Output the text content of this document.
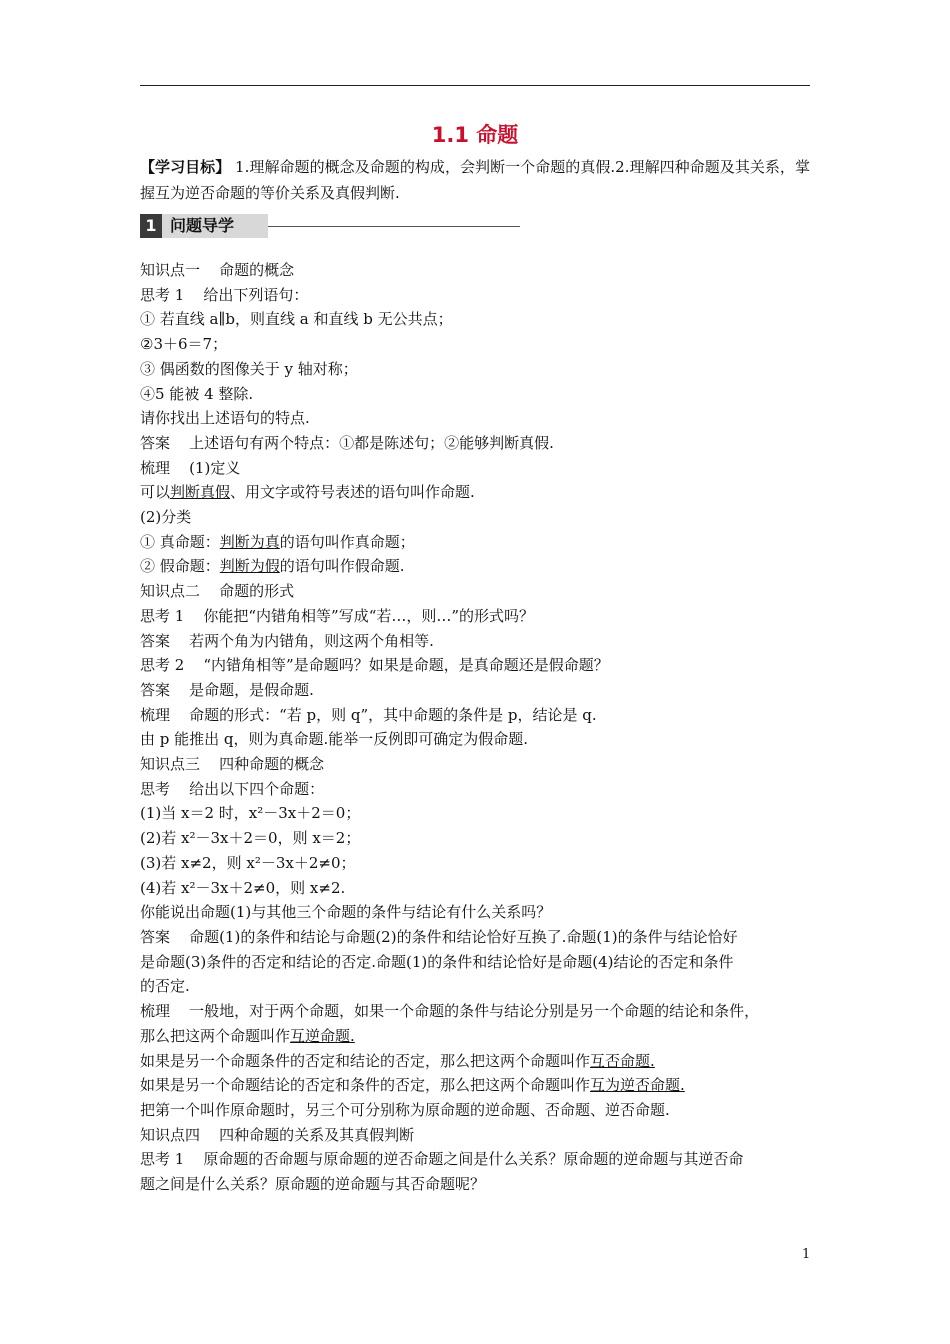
1.1 命题

【学习目标】 1.理解命题的概念及命题的构成，会判断一个命题的真假.2.理解四种命题及其关系，掌握互为逆否命题的等价关系及真假判断.

1 问题导学
知识点一    命题的概念
思考 1    给出下列语句：
① 若直线 a∥b，则直线 a 和直线 b 无公共点；
②3＋6＝7；
③ 偶函数的图像关于 y 轴对称；
④5 能被 4 整除.
请你找出上述语句的特点.
答案    上述语句有两个特点：①都是陈述句；②能够判断真假.
梳理    (1)定义
可以判断真假、用文字或符号表述的语句叫作命题.
(2)分类
① 真命题：判断为真的语句叫作真命题；
② 假命题：判断为假的语句叫作假命题.
知识点二    命题的形式
思考 1    你能把“内错角相等”写成“若…，则…”的形式吗？
答案    若两个角为内错角，则这两个角相等.
思考 2    “内错角相等”是命题吗？如果是命题，是真命题还是假命题？
答案    是命题，是假命题.
梳理    命题的形式：“若 p，则 q”，其中命题的条件是 p，结论是 q.
由 p 能推出 q，则为真命题.能举一反例即可确定为假命题.
知识点三    四种命题的概念
思考    给出以下四个命题：
(1)当 x＝2 时，x²－3x＋2＝0；
(2)若 x²－3x＋2＝0，则 x＝2；
(3)若 x≠2，则 x²－3x＋2≠0；
(4)若 x²－3x＋2≠0，则 x≠2.
你能说出命题(1)与其他三个命题的条件与结论有什么关系吗？
答案    命题(1)的条件和结论与命题(2)的条件和结论恰好互换了.命题(1)的条件与结论恰好
是命题(3)条件的否定和结论的否定.命题(1)的条件和结论恰好是命题(4)结论的否定和条件
的否定.
梳理    一般地，对于两个命题，如果一个命题的条件与结论分别是另一个命题的结论和条件，
那么把这两个命题叫作互逆命题.
如果是另一个命题条件的否定和结论的否定，那么把这两个命题叫作互否命题.
如果是另一个命题结论的否定和条件的否定，那么把这两个命题叫作互为逆否命题.
把第一个叫作原命题时，另三个可分别称为原命题的逆命题、否命题、逆否命题.
知识点四    四种命题的关系及其真假判断
思考 1    原命题的否命题与原命题的逆否命题之间是什么关系？原命题的逆命题与其逆否命
题之间是什么关系？原命题的逆命题与其否命题呢？
1
